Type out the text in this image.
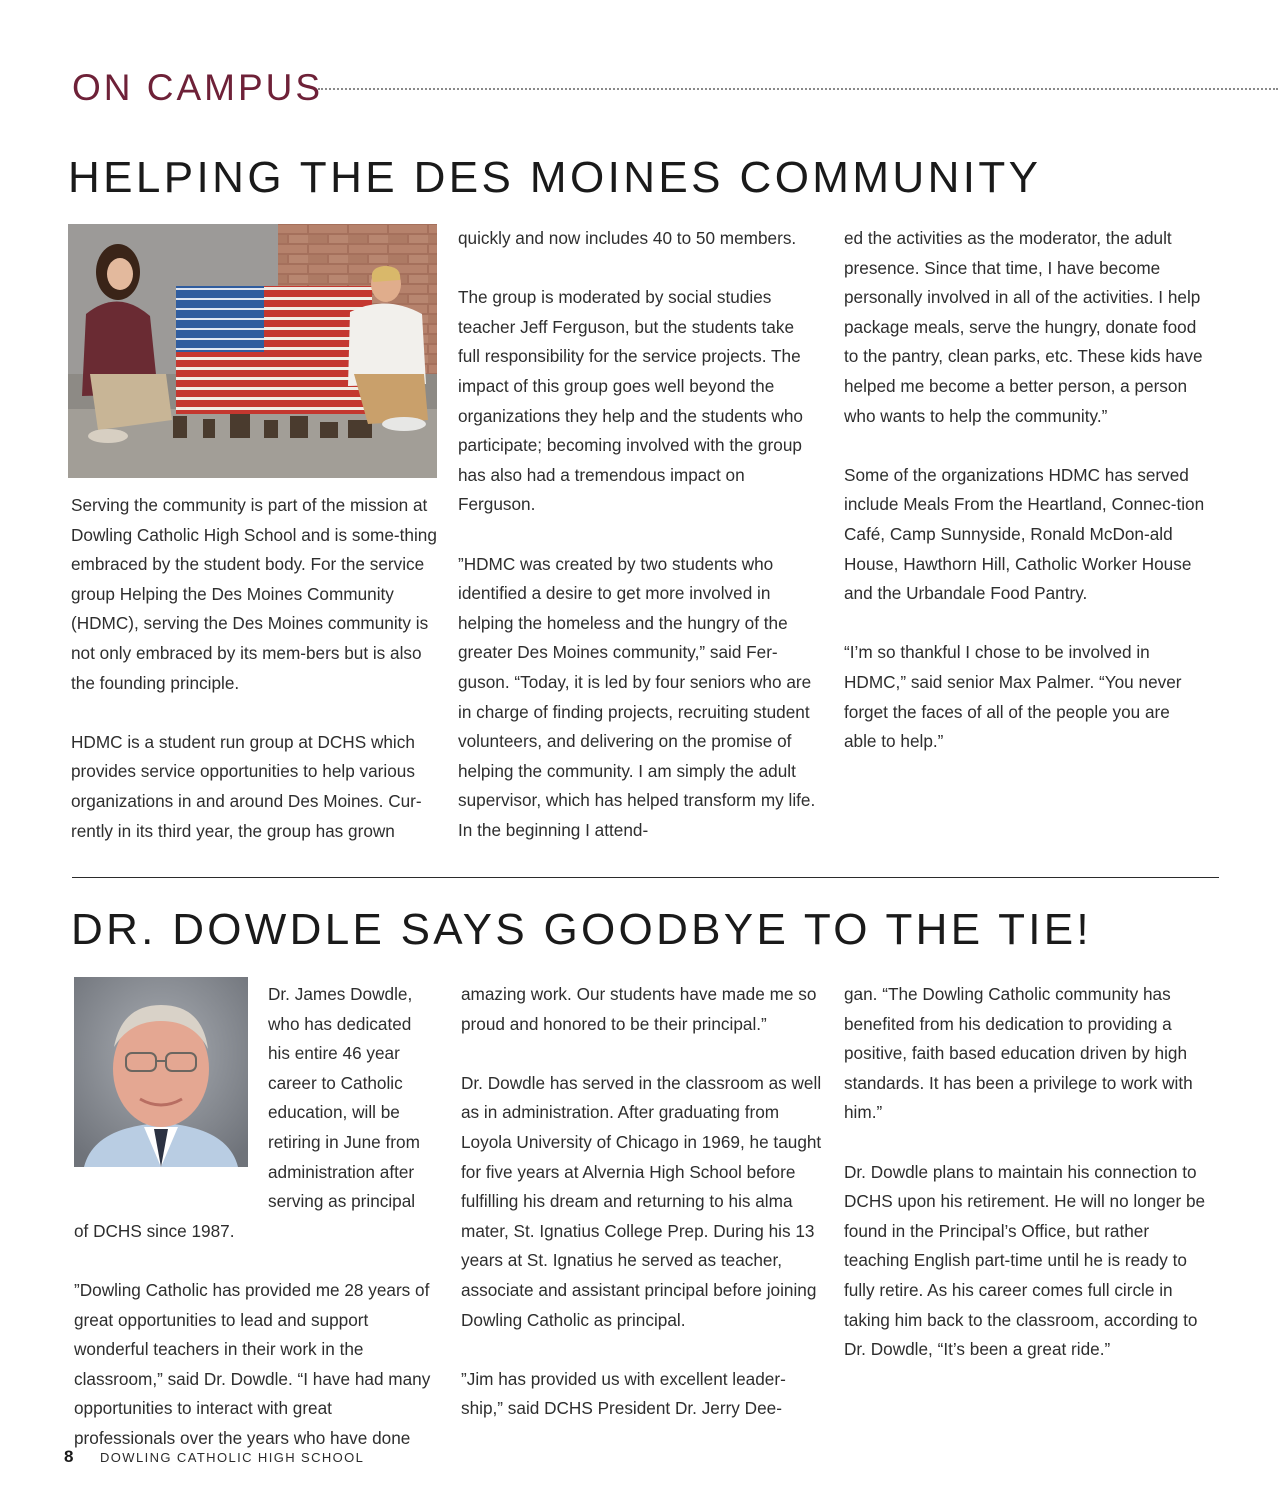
ON CAMPUS
HELPING THE DES MOINES COMMUNITY

Serving the community is part of the mission at Dowling Catholic High School and is some-thing embraced by the student body. For the service group Helping the Des Moines Community (HDMC), serving the Des Moines community is not only embraced by its mem-bers but is also the founding principle.

HDMC is a student run group at DCHS which provides service opportunities to help various organizations in and around Des Moines. Cur-rently in its third year, the group has grown

quickly and now includes 40 to 50 members.

The group is moderated by social studies teacher Jeff Ferguson, but the students take full responsibility for the service projects. The impact of this group goes well beyond the organizations they help and the students who participate; becoming involved with the group has also had a tremendous impact on Ferguson.

”HDMC was created by two students who identified a desire to get more involved in helping the homeless and the hungry of the greater Des Moines community,” said Fer-guson. “Today, it is led by four seniors who are in charge of finding projects, recruiting student volunteers, and delivering on the promise of helping the community. I am simply the adult supervisor, which has helped transform my life. In the beginning I attend-

ed the activities as the moderator, the adult presence. Since that time, I have become personally involved in all of the activities. I help package meals, serve the hungry, donate food to the pantry, clean parks, etc. These kids have helped me become a better person, a person who wants to help the community.”

Some of the organizations HDMC has served include Meals From the Heartland, Connec-tion Café, Camp Sunnyside, Ronald McDon-ald House, Hawthorn Hill, Catholic Worker House and the Urbandale Food Pantry.

“I’m so thankful I chose to be involved in HDMC,” said senior Max Palmer. “You never forget the faces of all of the people you are able to help.”

DR. DOWDLE SAYS GOODBYE TO THE TIE!

Dr. James Dowdle, who has dedicated his entire 46 year career to Catholic education, will be retiring in June from administration after serving as principal of DCHS since 1987.

”Dowling Catholic has provided me 28 years of great opportunities to lead and support wonderful teachers in their work in the classroom,” said Dr. Dowdle. “I have had many opportunities to interact with great professionals over the years who have done

amazing work. Our students have made me so proud and honored to be their principal.”

Dr. Dowdle has served in the classroom as well as in administration. After graduating from Loyola University of Chicago in 1969, he taught for five years at Alvernia High School before fulfilling his dream and returning to his alma mater, St. Ignatius College Prep. During his 13 years at St. Ignatius he served as teacher, associate and assistant principal before joining Dowling Catholic as principal.

”Jim has provided us with excellent leader-ship,” said DCHS President Dr. Jerry Dee-

gan. “The Dowling Catholic community has benefited from his dedication to providing a positive, faith based education driven by high standards. It has been a privilege to work with him.”

Dr. Dowdle plans to maintain his connection to DCHS upon his retirement. He will no longer be found in the Principal’s Office, but rather teaching English part-time until he is ready to fully retire. As his career comes full circle in taking him back to the classroom, according to Dr. Dowdle, “It’s been a great ride.”

8 DOWLING CATHOLIC HIGH SCHOOL
